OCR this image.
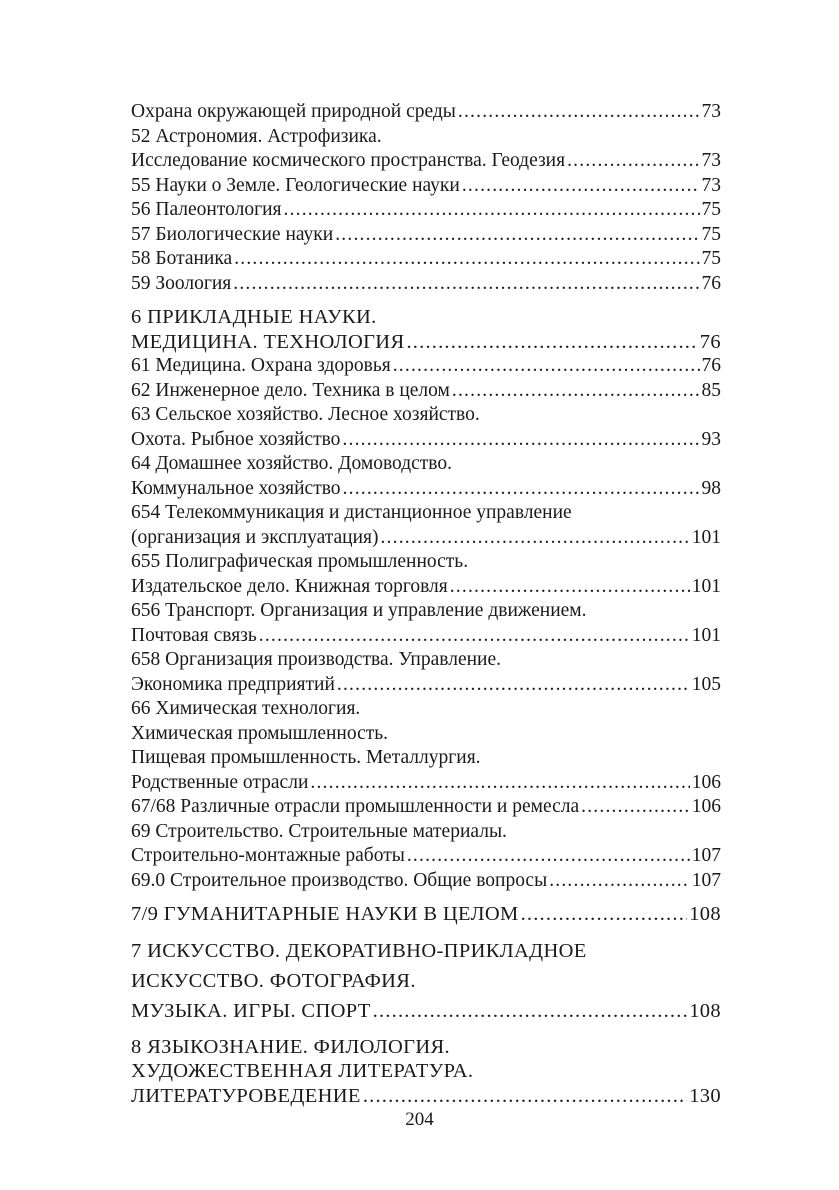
Охрана окружающей природной среды .....	73
52 Астрономия. Астрофизика.
Исследование космического пространства. Геодезия .....	73
55 Науки о Земле. Геологические науки .....	73
56 Палеонтология .....	75
57 Биологические науки .....	75
58 Ботаника .....	75
59 Зоология .....	76
6 ПРИКЛАДНЫЕ НАУКИ.
МЕДИЦИНА. ТЕХНОЛОГИЯ .....	76
61 Медицина. Охрана здоровья .....	76
62 Инженерное дело. Техника в целом .....	85
63 Сельское хозяйство. Лесное хозяйство.
Охота. Рыбное хозяйство .....	93
64 Домашнее хозяйство. Домоводство.
Коммунальное хозяйство .....	98
654 Телекоммуникация и дистанционное управление
(организация и эксплуатация) .....	101
655 Полиграфическая промышленность.
Издательское дело. Книжная торговля .....	101
656 Транспорт. Организация и управление движением.
Почтовая связь .....	101
658 Организация производства. Управление.
Экономика предприятий .....	105
66 Химическая технология.
Химическая промышленность.
Пищевая промышленность. Металлургия.
Родственные отрасли .....	106
67/68 Различные отрасли промышленности и ремесла .....	106
69 Строительство. Строительные материалы.
Строительно-монтажные работы .....	107
69.0 Строительное производство. Общие вопросы .....	107
7/9 ГУМАНИТАРНЫЕ НАУКИ В ЦЕЛОМ .....	108
7 ИСКУССТВО. ДЕКОРАТИВНО-ПРИКЛАДНОЕ
ИСКУССТВО. ФОТОГРАФИЯ.
МУЗЫКА. ИГРЫ. СПОРТ .....	108
8 ЯЗЫКОЗНАНИЕ. ФИЛОЛОГИЯ.
ХУДОЖЕСТВЕННАЯ ЛИТЕРАТУРА.
ЛИТЕРАТУРОВЕДЕНИЕ .....	130
204
